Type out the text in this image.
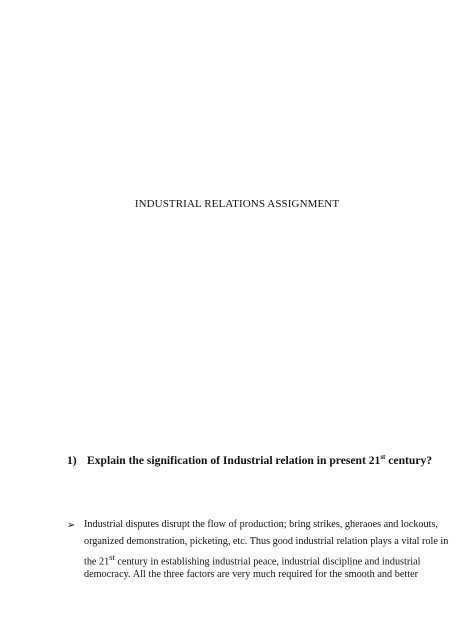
INDUSTRIAL RELATIONS ASSIGNMENT
1) Explain the signification of Industrial relation in present 21st century?
➢ Industrial disputes disrupt the flow of production; bring strikes, gheraoes and lockouts,
organized demonstration, picketing, etc. Thus good industrial relation plays a vital role in
the 21st century in establishing industrial peace, industrial discipline and industrial
democracy. All the three factors are very much required for the smooth and better
